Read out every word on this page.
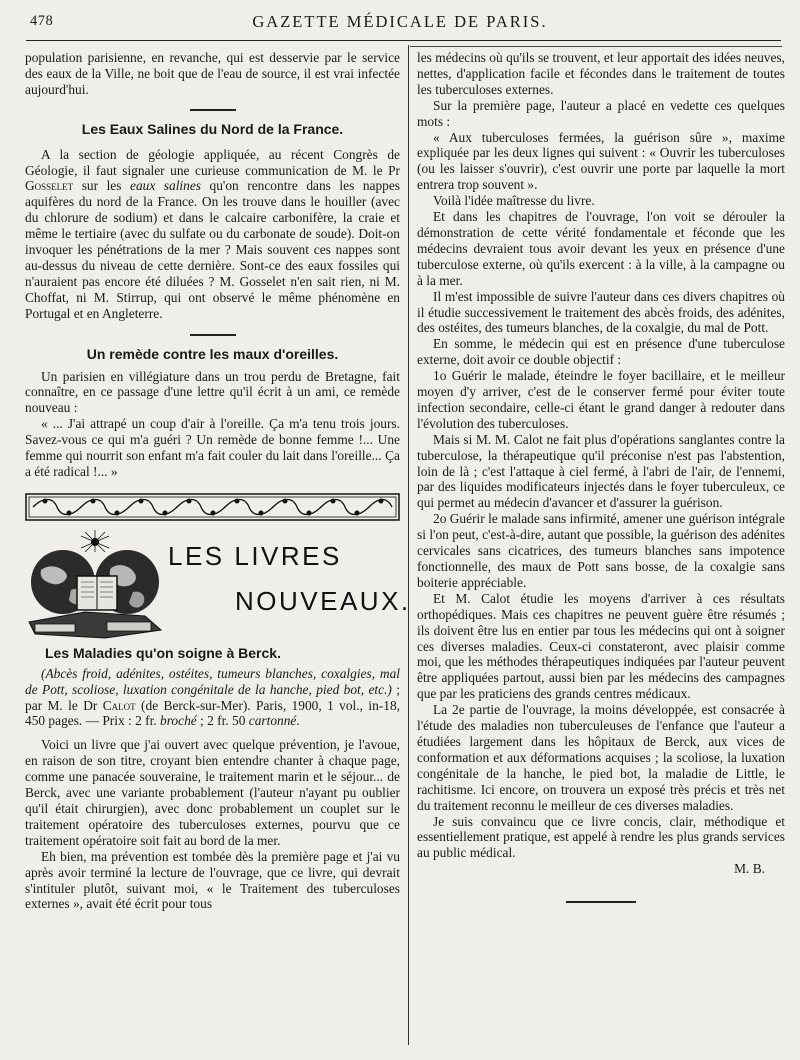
478	GAZETTE MÉDICALE DE PARIS.

population parisienne, en revanche, qui est desservie par le service des eaux de la Ville, ne boit que de l'eau de source, il est vrai infectée aujourd'hui.

Les Eaux Salines du Nord de la France.

A la section de géologie appliquée, au récent Congrès de Géologie, il faut signaler une curieuse communication de M. le Pr Gosselet sur les eaux salines qu'on rencontre dans les nappes aquifères du nord de la France. On les trouve dans le houiller (avec du chlorure de sodium) et dans le calcaire carbonifère, la craie et même le tertiaire (avec du sulfate ou du carbonate de soude). Doit-on invoquer les pénétrations de la mer ? Mais souvent ces nappes sont au-dessus du niveau de cette dernière. Sont-ce des eaux fossiles qui n'auraient pas encore été diluées ? M. Gosselet n'en sait rien, ni M. Choffat, ni M. Stirrup, qui ont observé le même phénomène en Portugal et en Angleterre.

Un remède contre les maux d'oreilles.

Un parisien en villégiature dans un trou perdu de Bretagne, fait connaître, en ce passage d'une lettre qu'il écrit à un ami, ce remède nouveau :

« ... J'ai attrapé un coup d'air à l'oreille. Ça m'a tenu trois jours. Savez-vous ce qui m'a guéri ? Un remède de bonne femme !... Une femme qui nourrit son enfant m'a fait couler du lait dans l'oreille... Ça a été radical !... »

LES LIVRES
NOUVEAUX.

Les Maladies qu'on soigne à Berck.

(Abcès froid, adénites, ostéites, tumeurs blanches, coxalgies, mal de Pott, scoliose, luxation congénitale de la hanche, pied bot, etc.) ; par M. le Dr Calot (de Berck-sur-Mer). Paris, 1900, 1 vol., in-18, 450 pages. — Prix : 2 fr. broché ; 2 fr. 50 cartonné.

Voici un livre que j'ai ouvert avec quelque prévention, je l'avoue, en raison de son titre, croyant bien entendre chanter à chaque page, comme une panacée souveraine, le traitement marin et le séjour... de Berck, avec une variante probablement (l'auteur n'ayant pu oublier qu'il était chirurgien), avec donc probablement un couplet sur le traitement opératoire des tuberculoses externes, pourvu que ce traitement opératoire soit fait au bord de la mer.

Eh bien, ma prévention est tombée dès la première page et j'ai vu après avoir terminé la lecture de l'ouvrage, que ce livre, qui devrait s'intituler plutôt, suivant moi, « le Traitement des tuberculoses externes », avait été écrit pour tous

les médecins où qu'ils se trouvent, et leur apportait des idées neuves, nettes, d'application facile et fécondes dans le traitement de toutes les tuberculoses externes.

Sur la première page, l'auteur a placé en vedette ces quelques mots :

« Aux tuberculoses fermées, la guérison sûre », maxime expliquée par les deux lignes qui suivent : « Ouvrir les tuberculoses (ou les laisser s'ouvrir), c'est ouvrir une porte par laquelle la mort entrera trop souvent ».

Voilà l'idée maîtresse du livre.

Et dans les chapitres de l'ouvrage, l'on voit se dérouler la démonstration de cette vérité fondamentale et féconde que les médecins devraient tous avoir devant les yeux en présence d'une tuberculose externe, où qu'ils exercent : à la ville, à la campagne ou à la mer.

Il m'est impossible de suivre l'auteur dans ces divers chapitres où il étudie successivement le traitement des abcès froids, des adénites, des ostéites, des tumeurs blanches, de la coxalgie, du mal de Pott.

En somme, le médecin qui est en présence d'une tuberculose externe, doit avoir ce double objectif :

1o Guérir le malade, éteindre le foyer bacillaire, et le meilleur moyen d'y arriver, c'est de le conserver fermé pour éviter toute infection secondaire, celle-ci étant le grand danger à redouter dans l'évolution des tuberculoses.

Mais si M. M. Calot ne fait plus d'opérations sanglantes contre la tuberculose, la thérapeutique qu'il préconise n'est pas l'abstention, loin de là ; c'est l'attaque à ciel fermé, à l'abri de l'air, de l'ennemi, par des liquides modificateurs injectés dans le foyer tuberculeux, ce qui permet au médecin d'avancer et d'assurer la guérison.

2o Guérir le malade sans infirmité, amener une guérison intégrale si l'on peut, c'est-à-dire, autant que possible, la guérison des adénites cervicales sans cicatrices, des tumeurs blanches sans impotence fonctionnelle, des maux de Pott sans bosse, de la coxalgie sans boiterie appréciable.

Et M. Calot étudie les moyens d'arriver à ces résultats orthopédiques. Mais ces chapitres ne peuvent guère être résumés ; ils doivent être lus en entier par tous les médecins qui ont à soigner ces diverses maladies. Ceux-ci constateront, avec plaisir comme moi, que les méthodes thérapeutiques indiquées par l'auteur peuvent être appliquées partout, aussi bien par les médecins des campagnes que par les praticiens des grands centres médicaux.

La 2e partie de l'ouvrage, la moins développée, est consacrée à l'étude des maladies non tuberculeuses de l'enfance que l'auteur a étudiées largement dans les hôpitaux de Berck, aux vices de conformation et aux déformations acquises ; la scoliose, la luxation congénitale de la hanche, le pied bot, la maladie de Little, le rachitisme. Ici encore, on trouvera un exposé très précis et très net du traitement reconnu le meilleur de ces diverses maladies.

Je suis convaincu que ce livre concis, clair, méthodique et essentiellement pratique, est appelé à rendre les plus grands services au public médical.

M. B.
